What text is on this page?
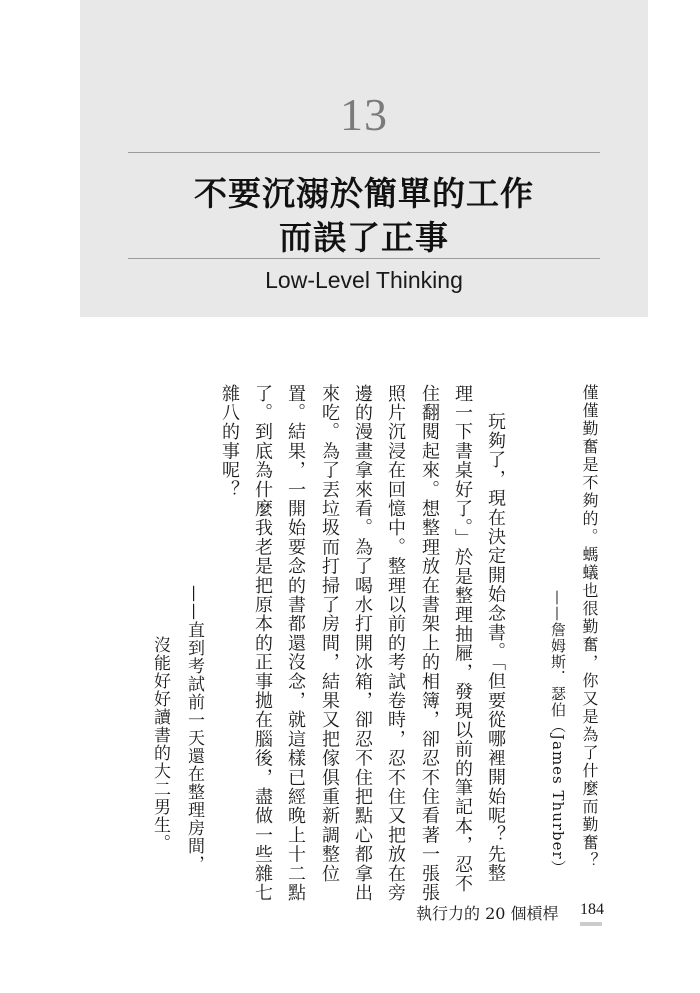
13
不要沉溺於簡單的工作
而誤了正事
Low-Level Thinking
僅僅勤奮是不夠的。螞蟻也很勤奮，你又是為了什麼而勤奮？
——詹姆斯．瑟伯（James Thurber）
玩夠了，現在決定開始念書。「但要從哪裡開始呢？先整
理一下書桌好了。」於是整理抽屜，發現以前的筆記本，忍不
住翻閱起來。想整理放在書架上的相簿，卻忍不住看著一張張
照片沉浸在回憶中。整理以前的考試卷時，忍不住又把放在旁
邊的漫畫拿來看。為了喝水打開冰箱，卻忍不住把點心都拿出
來吃。為了丟垃圾而打掃了房間，結果又把傢俱重新調整位
置。結果，一開始要念的書都還沒念，就這樣已經晚上十二點
了。到底為什麼我老是把原本的正事拋在腦後，盡做一些雜七
雜八的事呢？
——直到考試前一天還在整理房間，
沒能好好讀書的大二男生。
執行力的 20 個槓桿 184
